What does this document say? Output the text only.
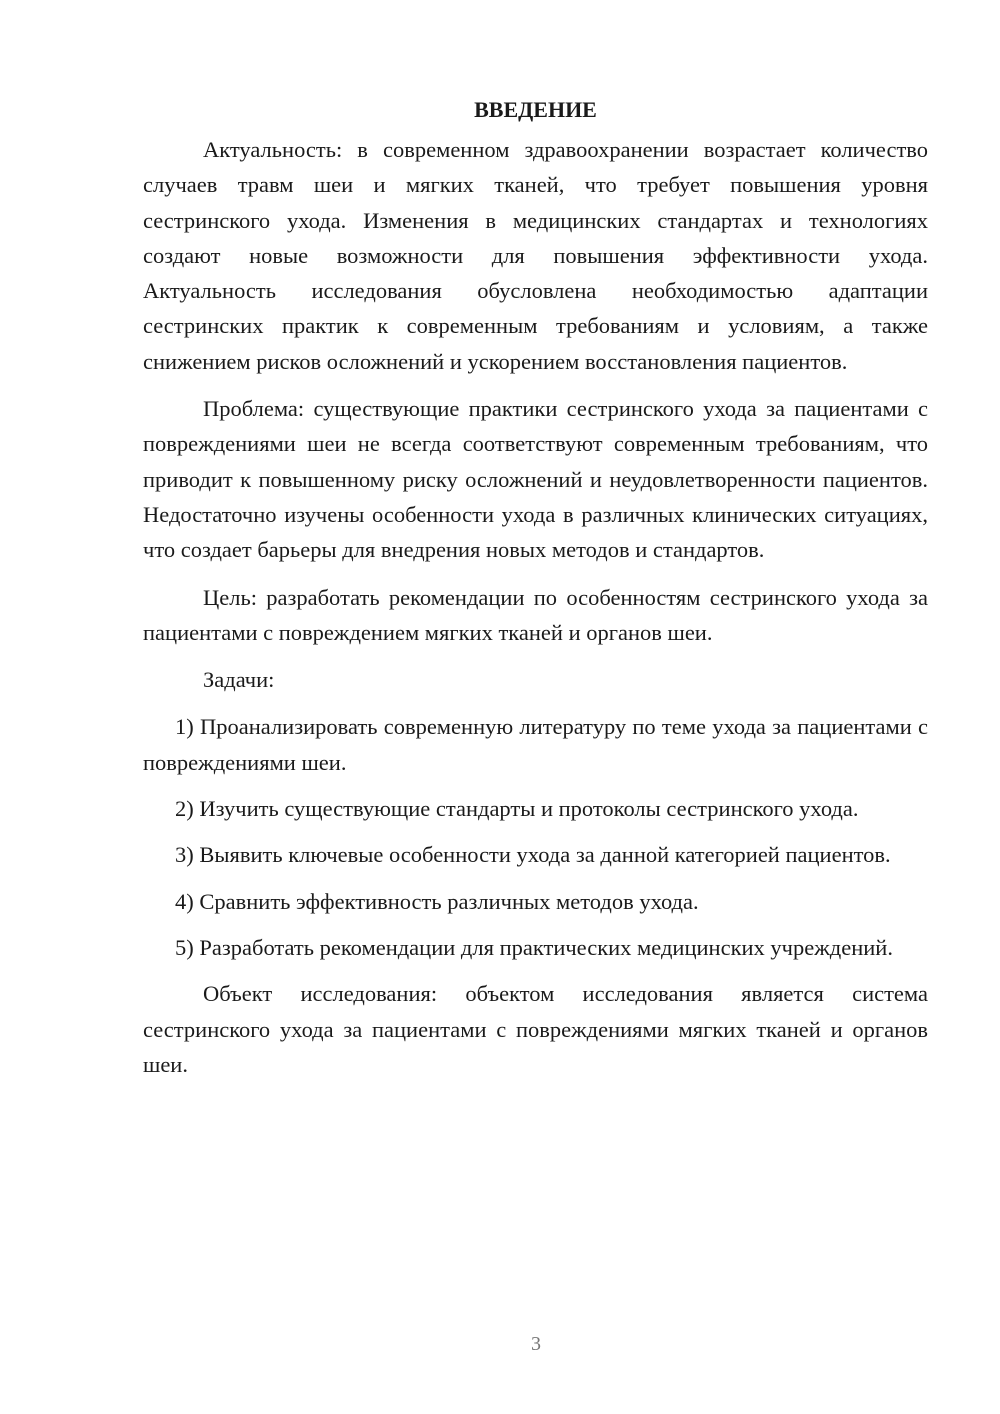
ВВЕДЕНИЕ

Актуальность: в современном здравоохранении возрастает количество случаев травм шеи и мягких тканей, что требует повышения уровня сестринского ухода. Изменения в медицинских стандартах и технологиях создают новые возможности для повышения эффективности ухода. Актуальность исследования обусловлена необходимостью адаптации сестринских практик к современным требованиям и условиям, а также снижением рисков осложнений и ускорением восстановления пациентов.

Проблема: существующие практики сестринского ухода за пациентами с повреждениями шеи не всегда соответствуют современным требованиям, что приводит к повышенному риску осложнений и неудовлетворенности пациентов. Недостаточно изучены особенности ухода в различных клинических ситуациях, что создает барьеры для внедрения новых методов и стандартов.

Цель: разработать рекомендации по особенностям сестринского ухода за пациентами с повреждением мягких тканей и органов шеи.

Задачи:

1) Проанализировать современную литературу по теме ухода за пациентами с повреждениями шеи.

2) Изучить существующие стандарты и протоколы сестринского ухода.

3) Выявить ключевые особенности ухода за данной категорией пациентов.

4) Сравнить эффективность различных методов ухода.

5) Разработать рекомендации для практических медицинских учреждений.

Объект исследования: объектом исследования является система сестринского ухода за пациентами с повреждениями мягких тканей и органов шеи.

3
